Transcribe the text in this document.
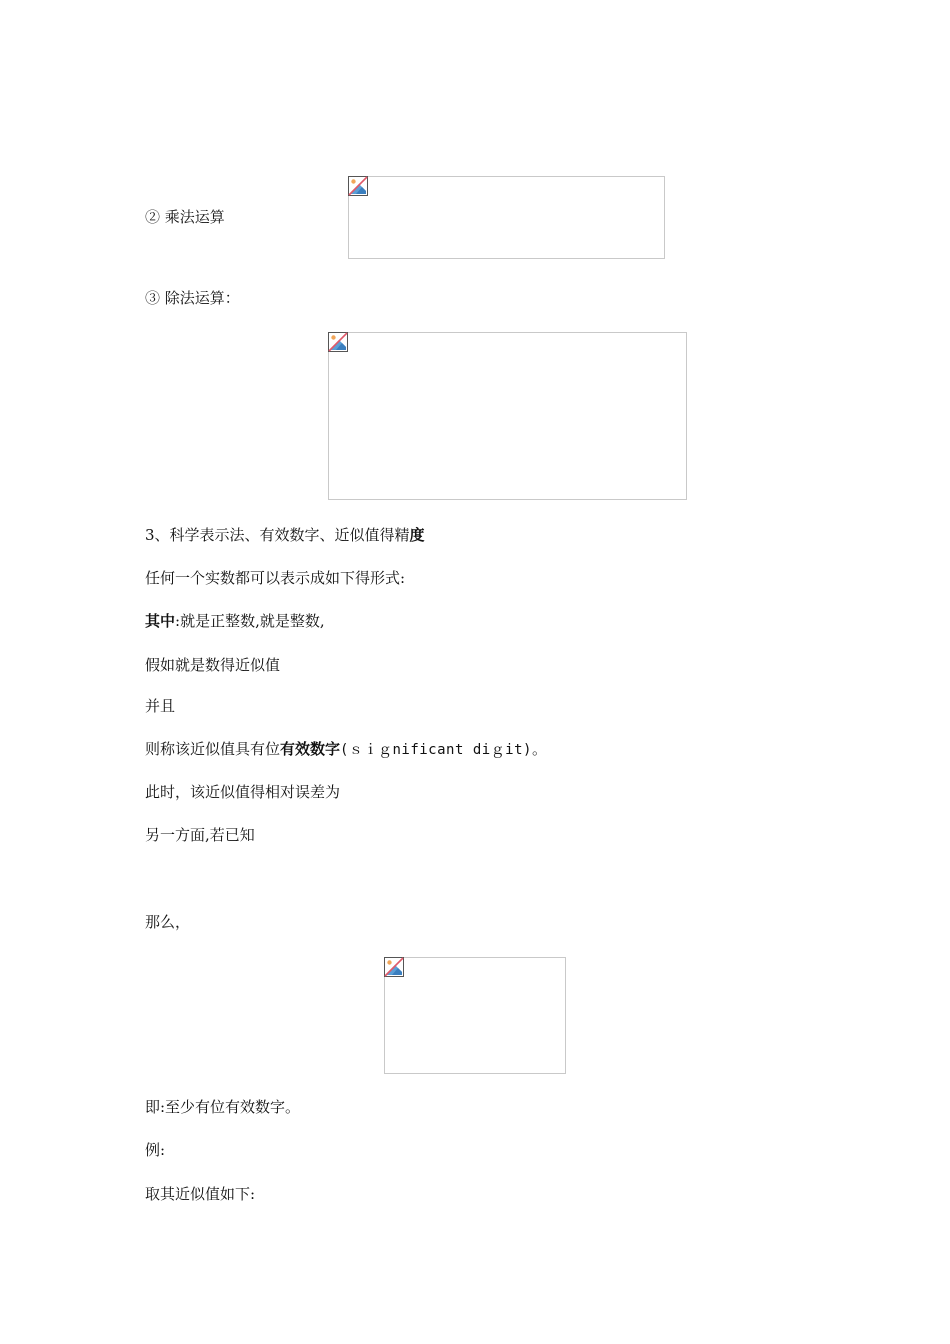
② 乘法运算
③ 除法运算：
3、科学表示法、有效数字、近似值得精度
任何一个实数都可以表示成如下得形式:
其中:就是正整数,就是整数,
假如就是数得近似值
并且
则称该近似值具有位有效数字(ｓｉｇnificant diｇit)。
此时，该近似值得相对误差为
另一方面,若已知
那么，
即:至少有位有效数字。
例:
取其近似值如下:
